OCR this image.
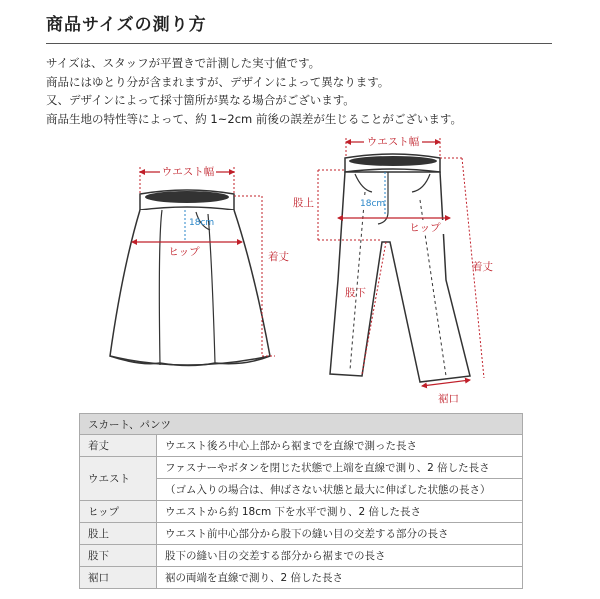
商品サイズの測り方
サイズは、スタッフが平置きで計測した実寸値です。
商品にはゆとり分が含まれますが、デザインによって異なります。
又、デザインによって採寸箇所が異なる場合がございます。
商品生地の特性等によって、約 1~2cm 前後の誤差が生じることがございます。
ウエスト幅
ヒップ
18cm
着丈
ウエスト幅
股上
ヒップ
18cm
股下
着丈
裾口
スカート、パンツ	
着丈	ウエスト後ろ中心上部から裾までを直線で測った長さ
ウエスト	ファスナーやボタンを閉じた状態で上端を直線で測り、2 倍した長さ
	（ゴム入りの場合は、伸ばさない状態と最大に伸ばした状態の長さ）
ヒップ	ウエストから約 18cm 下を水平で測り、2 倍した長さ
股上	ウエスト前中心部分から股下の縫い目の交差する部分の長さ
股下	股下の縫い目の交差する部分から裾までの長さ
裾口	裾の両端を直線で測り、2 倍した長さ
